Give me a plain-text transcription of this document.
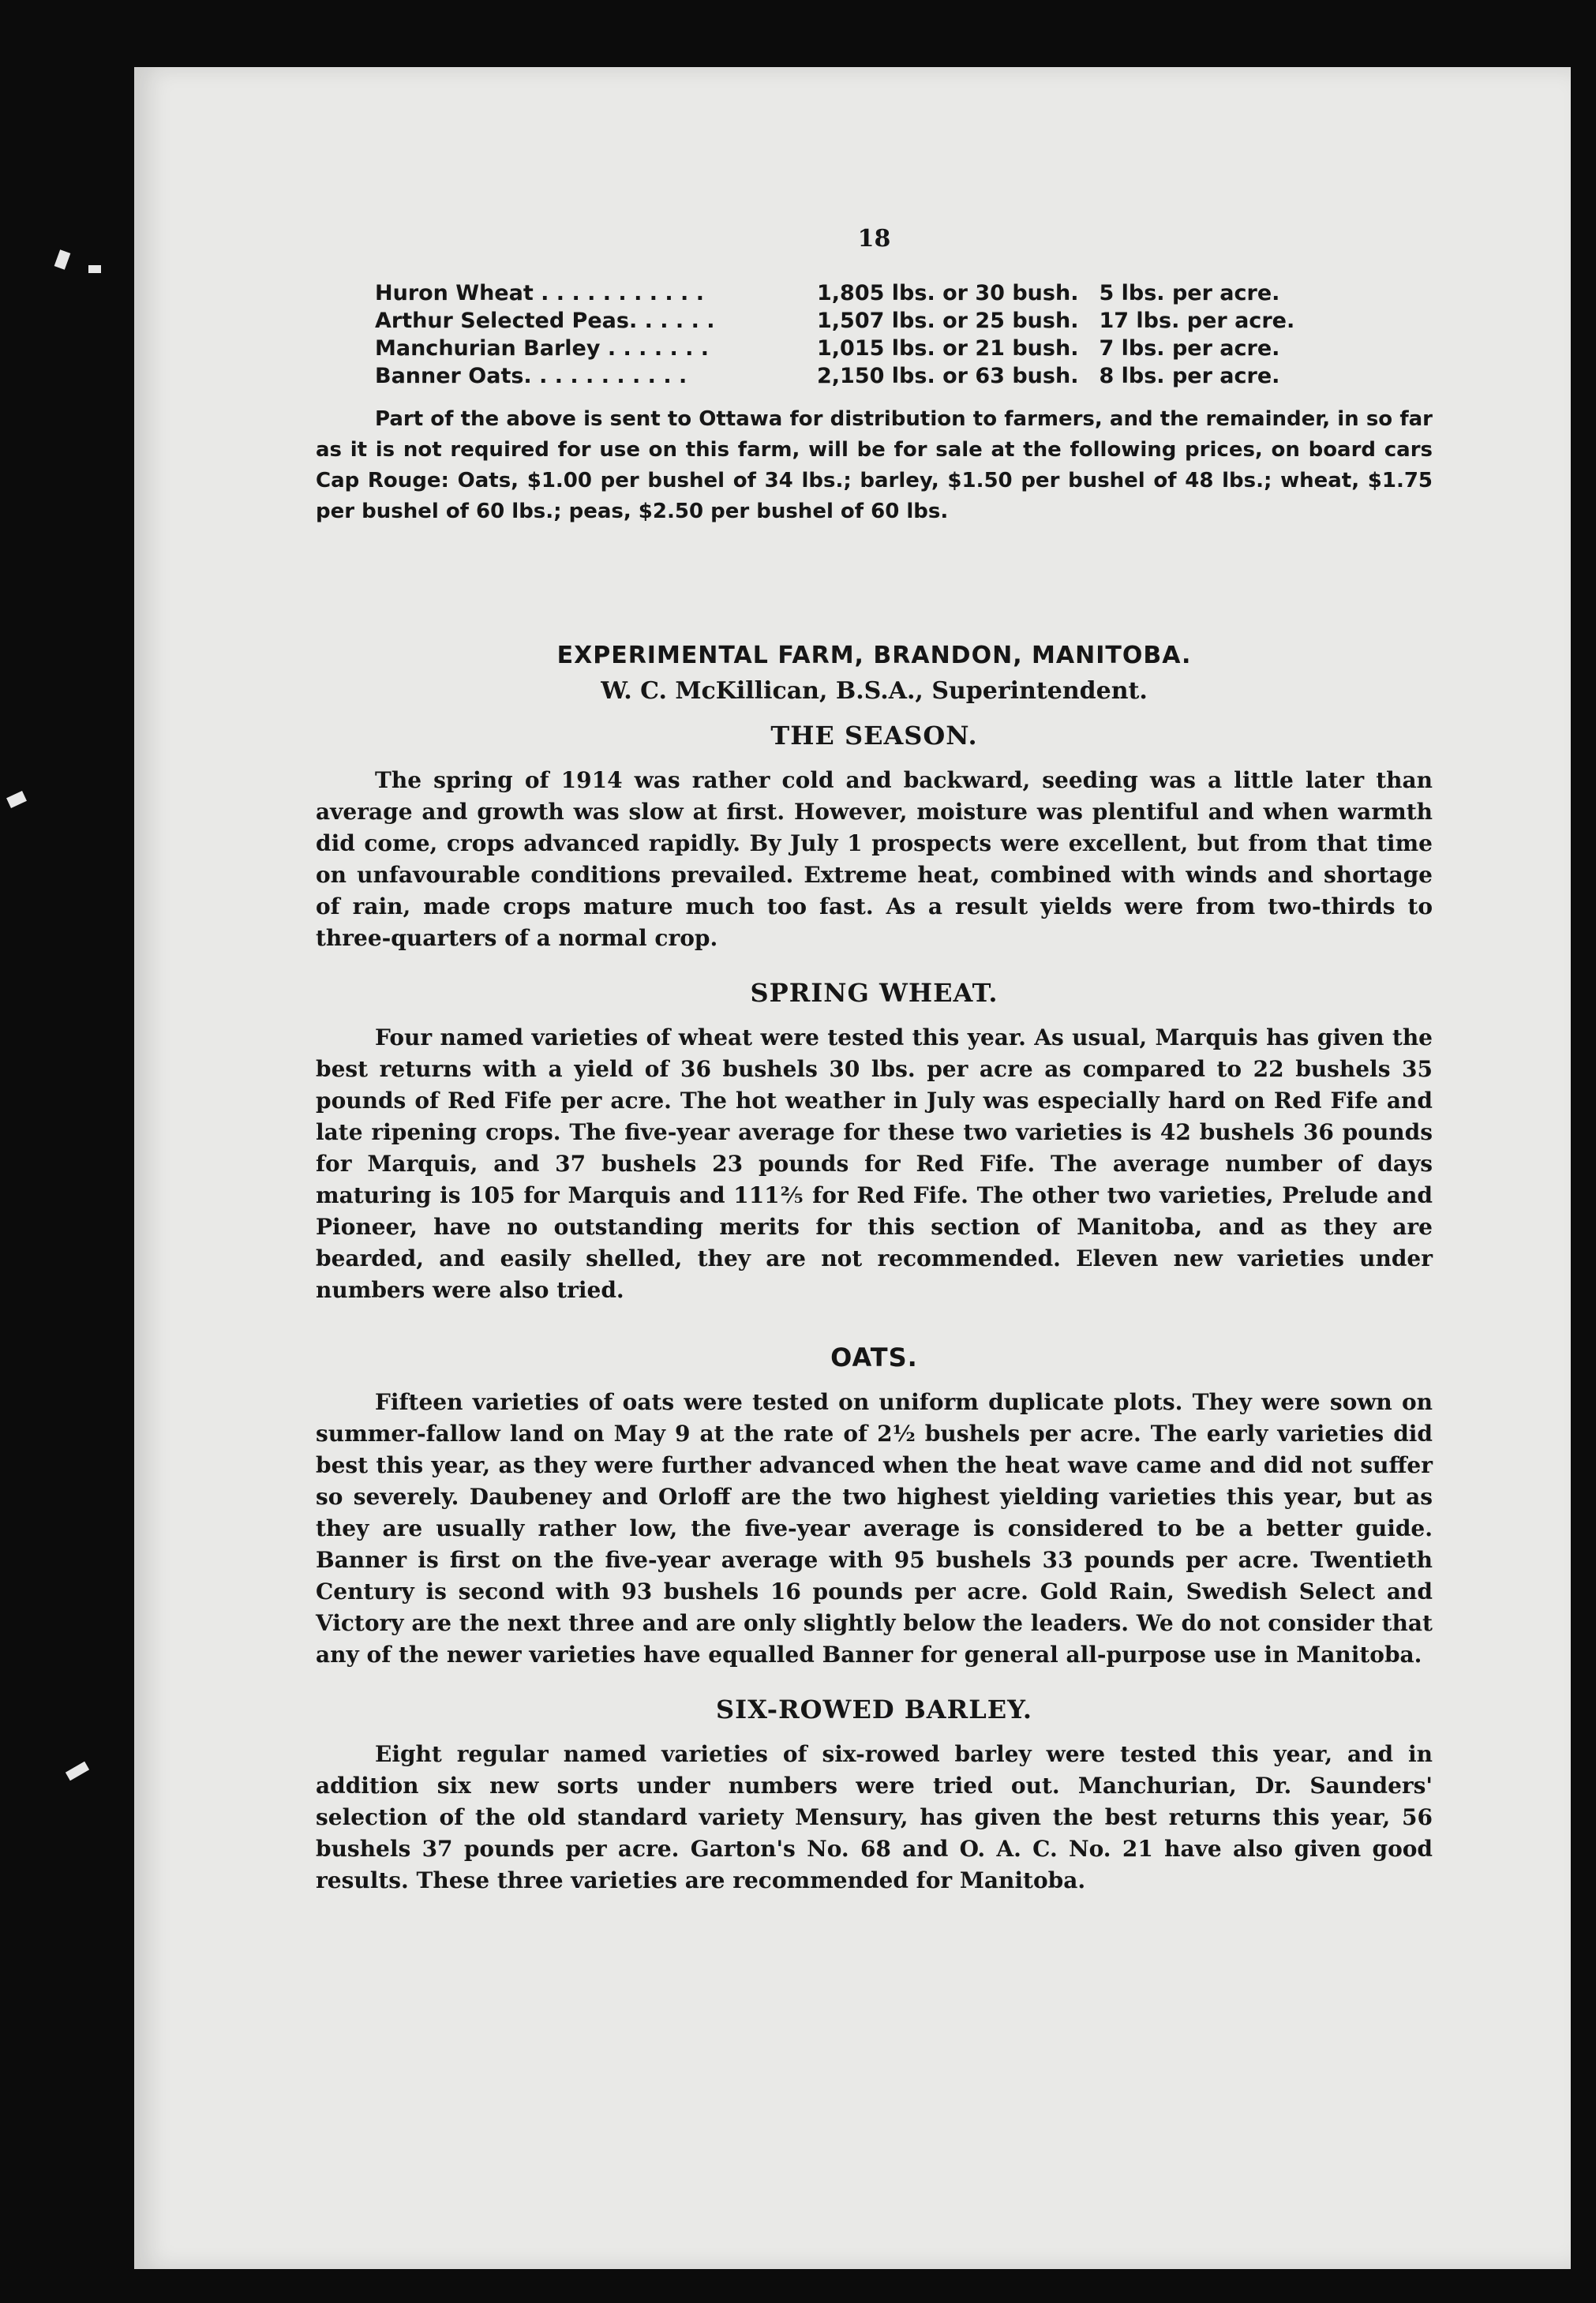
18
Huron Wheat . . . . . . . . . . .	1,805 lbs. or 30 bush.	5 lbs. per acre.
Arthur Selected Peas. . . . . .	1,507 lbs. or 25 bush.	17 lbs. per acre.
Manchurian Barley . . . . . . .	1,015 lbs. or 21 bush.	7 lbs. per acre.
Banner Oats. . . . . . . . . . .	2,150 lbs. or 63 bush.	8 lbs. per acre.

Part of the above is sent to Ottawa for distribution to farmers, and the remainder, in so far as it is not required for use on this farm, will be for sale at the following prices, on board cars Cap Rouge: Oats, $1.00 per bushel of 34 lbs.; barley, $1.50 per bushel of 48 lbs.; wheat, $1.75 per bushel of 60 lbs.; peas, $2.50 per bushel of 60 lbs.

EXPERIMENTAL FARM, BRANDON, MANITOBA.
W. C. McKillican, B.S.A., Superintendent.
THE SEASON.

The spring of 1914 was rather cold and backward, seeding was a little later than average and growth was slow at first. However, moisture was plentiful and when warmth did come, crops advanced rapidly. By July 1 prospects were excellent, but from that time on unfavourable conditions prevailed. Extreme heat, combined with winds and shortage of rain, made crops mature much too fast. As a result yields were from two-thirds to three-quarters of a normal crop.

SPRING WHEAT.

Four named varieties of wheat were tested this year. As usual, Marquis has given the best returns with a yield of 36 bushels 30 lbs. per acre as compared to 22 bushels 35 pounds of Red Fife per acre. The hot weather in July was especially hard on Red Fife and late ripening crops. The five-year average for these two varieties is 42 bushels 36 pounds for Marquis, and 37 bushels 23 pounds for Red Fife. The average number of days maturing is 105 for Marquis and 111⅖ for Red Fife. The other two varieties, Prelude and Pioneer, have no outstanding merits for this section of Manitoba, and as they are bearded, and easily shelled, they are not recommended. Eleven new varieties under numbers were also tried.

OATS.

Fifteen varieties of oats were tested on uniform duplicate plots. They were sown on summer-fallow land on May 9 at the rate of 2½ bushels per acre. The early varieties did best this year, as they were further advanced when the heat wave came and did not suffer so severely. Daubeney and Orloff are the two highest yielding varieties this year, but as they are usually rather low, the five-year average is considered to be a better guide. Banner is first on the five-year average with 95 bushels 33 pounds per acre. Twentieth Century is second with 93 bushels 16 pounds per acre. Gold Rain, Swedish Select and Victory are the next three and are only slightly below the leaders. We do not consider that any of the newer varieties have equalled Banner for general all-purpose use in Manitoba.

SIX-ROWED BARLEY.

Eight regular named varieties of six-rowed barley were tested this year, and in addition six new sorts under numbers were tried out. Manchurian, Dr. Saunders' selection of the old standard variety Mensury, has given the best returns this year, 56 bushels 37 pounds per acre. Garton's No. 68 and O. A. C. No. 21 have also given good results. These three varieties are recommended for Manitoba.
